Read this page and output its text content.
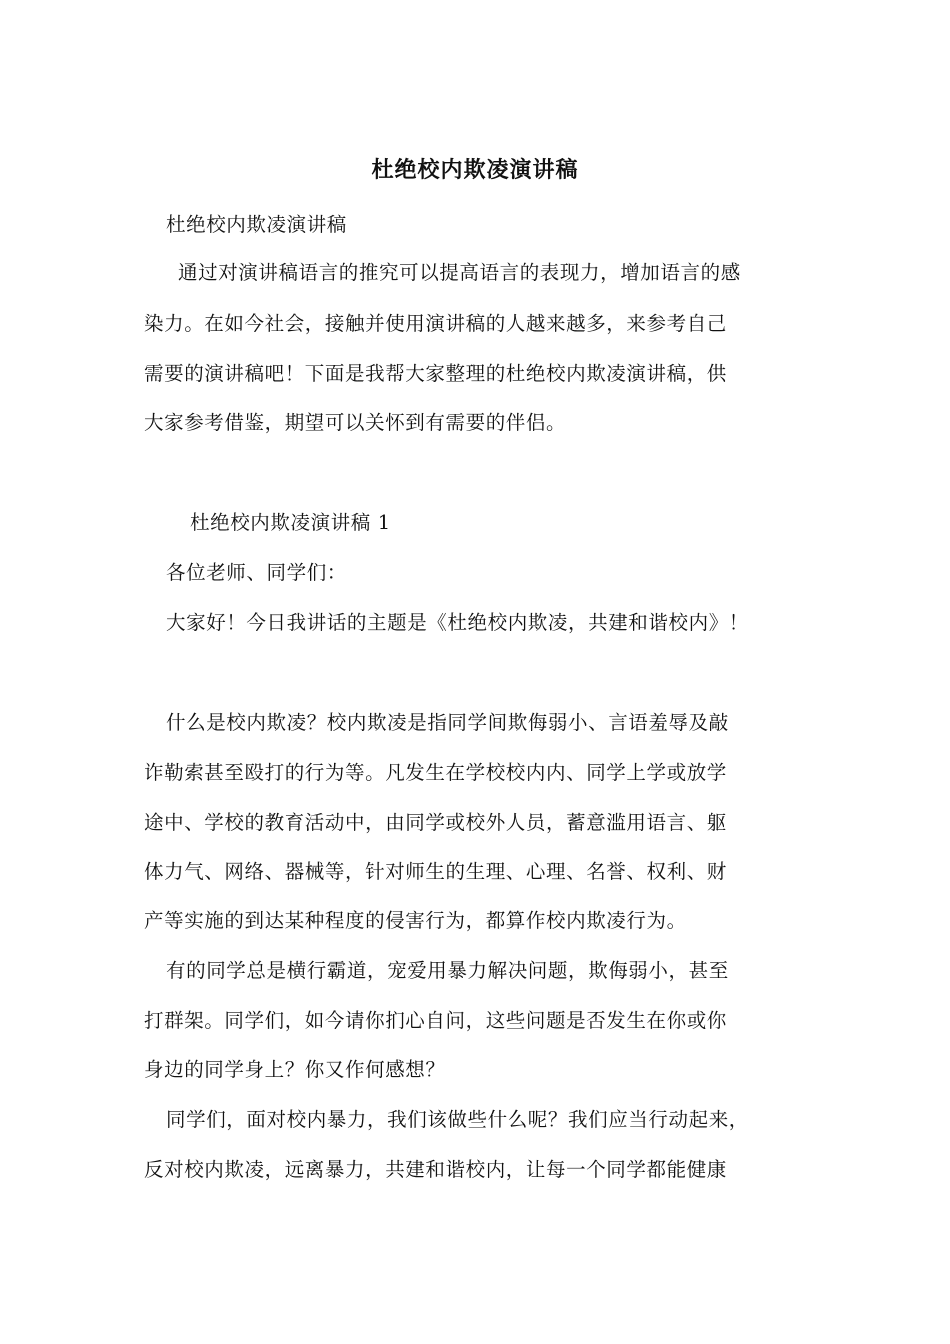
杜绝校内欺凌演讲稿
杜绝校内欺凌演讲稿
通过对演讲稿语言的推究可以提高语言的表现力，增加语言的感
染力。在如今社会，接触并使用演讲稿的人越来越多，来参考自己
需要的演讲稿吧！下面是我帮大家整理的杜绝校内欺凌演讲稿，供
大家参考借鉴，期望可以关怀到有需要的伴侣。
杜绝校内欺凌演讲稿 1
各位老师、同学们：
大家好！今日我讲话的主题是《杜绝校内欺凌，共建和谐校内》！
什么是校内欺凌？校内欺凌是指同学间欺侮弱小、言语羞辱及敲
诈勒索甚至殴打的行为等。凡发生在学校校内内、同学上学或放学
途中、学校的教育活动中，由同学或校外人员，蓄意滥用语言、躯
体力气、网络、器械等，针对师生的生理、心理、名誉、权利、财
产等实施的到达某种程度的侵害行为，都算作校内欺凌行为。
有的同学总是横行霸道，宠爱用暴力解决问题，欺侮弱小，甚至
打群架。同学们，如今请你扪心自问，这些问题是否发生在你或你
身边的同学身上？你又作何感想？
同学们，面对校内暴力，我们该做些什么呢？我们应当行动起来，
反对校内欺凌，远离暴力，共建和谐校内，让每一个同学都能健康
